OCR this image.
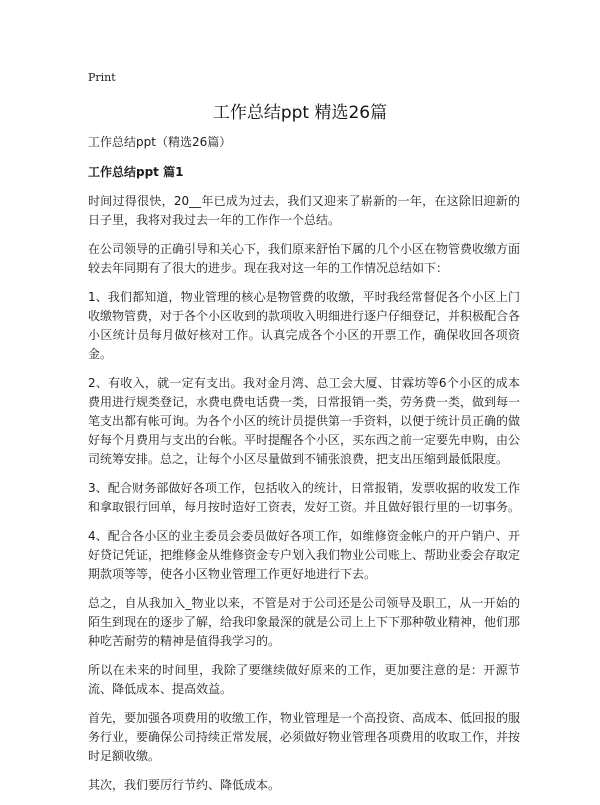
Print
工作总结ppt 精选26篇
工作总结ppt（精选26篇）
工作总结ppt 篇1

时间过得很快，20__年已成为过去，我们又迎来了崭新的一年，在这除旧迎新的日子里，我将对我过去一年的工作作一个总结。

在公司领导的正确引导和关心下，我们原来舒怡下属的几个小区在物管费收缴方面较去年同期有了很大的进步。现在我对这一年的工作情况总结如下：

1、我们都知道，物业管理的核心是物管费的收缴，平时我经常督促各个小区上门收缴物管费，对于各个小区收到的款项收入明细进行逐户仔细登记，并积极配合各小区统计员每月做好核对工作。认真完成各个小区的开票工作，确保收回各项资金。

2、有收入，就一定有支出。我对金月湾、总工会大厦、甘霖坊等6个小区的成本费用进行规类登记，水费电费电话费一类，日常报销一类，劳务费一类，做到每一笔支出都有帐可询。为各个小区的统计员提供第一手资料，以便于统计员正确的做好每个月费用与支出的台帐。平时提醒各个小区，买东西之前一定要先申购，由公司统筹安排。总之，让每个小区尽量做到不铺张浪费，把支出压缩到最低限度。

3、配合财务部做好各项工作，包括收入的统计，日常报销，发票收据的收发工作和拿取银行回单，每月按时造好工资表，发好工资。并且做好银行里的一切事务。

4、配合各小区的业主委员会委员做好各项工作，如维修资金帐户的开户销户、开好贷记凭证，把维修金从维修资金专户划入我们物业公司账上、帮助业委会存取定期款项等等，使各小区物业管理工作更好地进行下去。

总之，自从我加入_物业以来，不管是对于公司还是公司领导及职工，从一开始的陌生到现在的逐步了解，给我印象最深的就是公司上上下下那种敬业精神，他们那种吃苦耐劳的精神是值得我学习的。

所以在未来的时间里，我除了要继续做好原来的工作，更加要注意的是：开源节流、降低成本、提高效益。

首先，要加强各项费用的收缴工作，物业管理是一个高投资、高成本、低回报的服务行业，要确保公司持续正常发展，必须做好物业管理各项费用的收取工作，并按时足额收缴。

其次，我们要厉行节约、降低成本。
